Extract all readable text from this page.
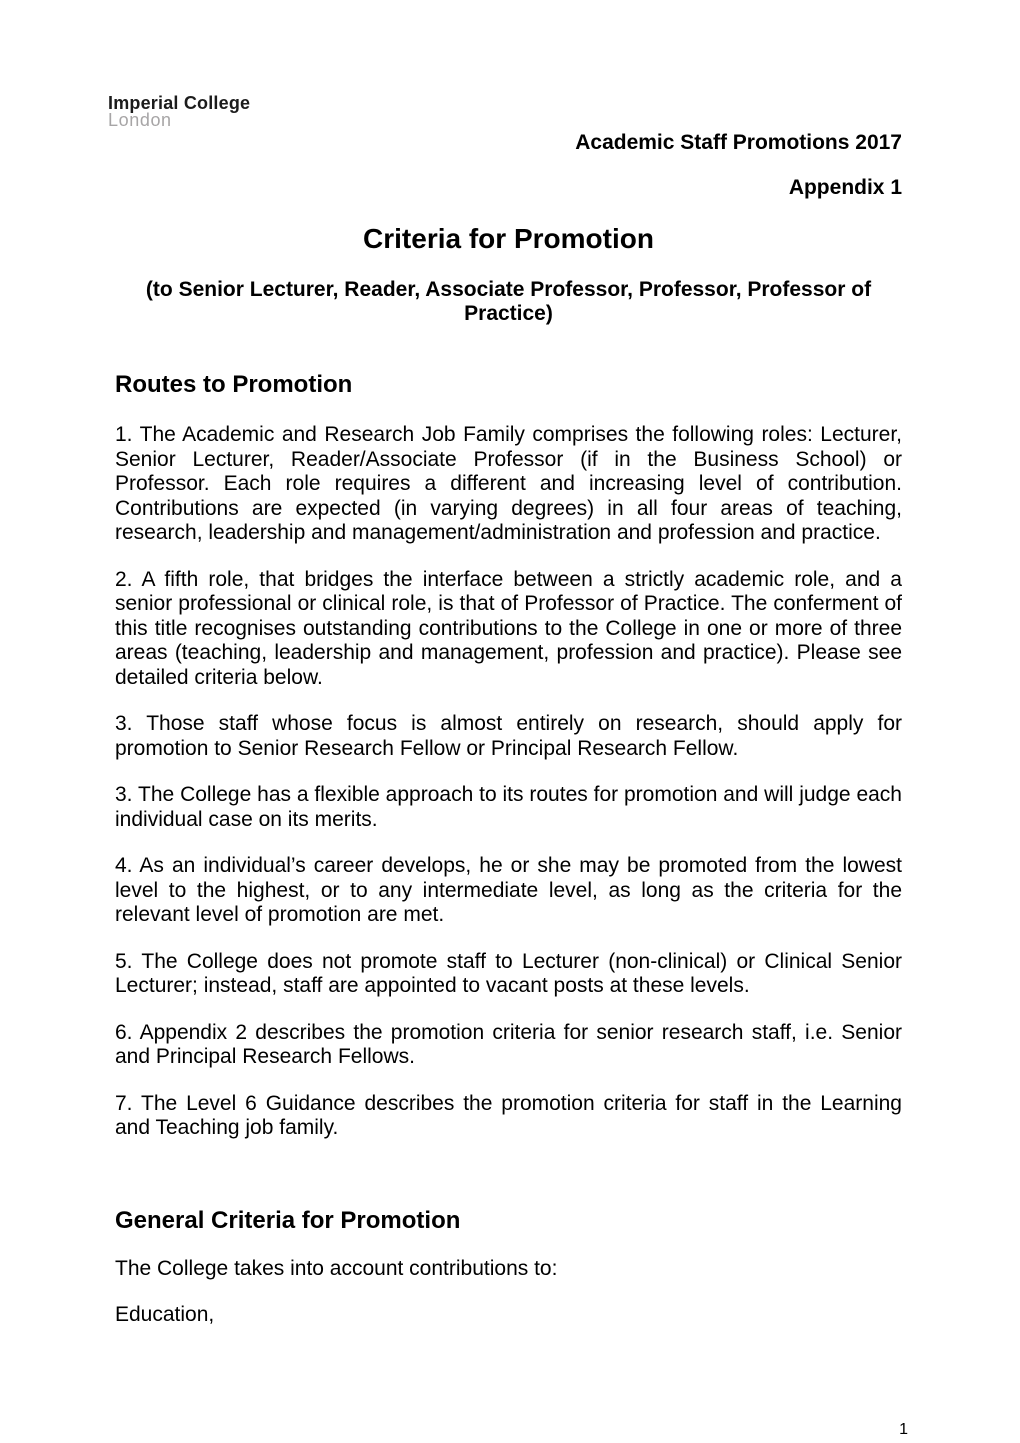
Imperial College
London
Academic Staff Promotions 2017
Appendix 1
Criteria for Promotion
(to Senior Lecturer, Reader, Associate Professor, Professor, Professor of Practice)
Routes to Promotion

1. The Academic and Research Job Family comprises the following roles: Lecturer, Senior Lecturer, Reader/Associate Professor (if in the Business School) or Professor. Each role requires a different and increasing level of contribution. Contributions are expected (in varying degrees) in all four areas of teaching, research, leadership and management/administration and profession and practice.

2. A fifth role, that bridges the interface between a strictly academic role, and a senior professional or clinical role, is that of Professor of Practice. The conferment of this title recognises outstanding contributions to the College in one or more of three areas (teaching, leadership and management, profession and practice). Please see detailed criteria below.

3. Those staff whose focus is almost entirely on research, should apply for promotion to Senior Research Fellow or Principal Research Fellow.

3. The College has a flexible approach to its routes for promotion and will judge each individual case on its merits.

4. As an individual’s career develops, he or she may be promoted from the lowest level to the highest, or to any intermediate level, as long as the criteria for the relevant level of promotion are met.

5. The College does not promote staff to Lecturer (non-clinical) or Clinical Senior Lecturer; instead, staff are appointed to vacant posts at these levels.

6. Appendix 2 describes the promotion criteria for senior research staff, i.e. Senior and Principal Research Fellows.

7. The Level 6 Guidance describes the promotion criteria for staff in the Learning and Teaching job family.

General Criteria for Promotion

The College takes into account contributions to:

Education,

1
